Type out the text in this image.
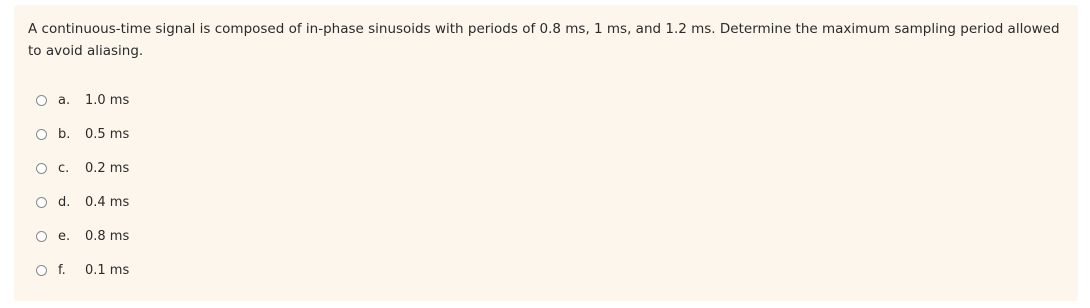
A continuous-time signal is composed of in-phase sinusoids with periods of 0.8 ms, 1 ms, and 1.2 ms. Determine the maximum sampling period allowed to avoid aliasing.
a. 1.0 ms
b. 0.5 ms
c. 0.2 ms
d. 0.4 ms
e. 0.8 ms
f. 0.1 ms
